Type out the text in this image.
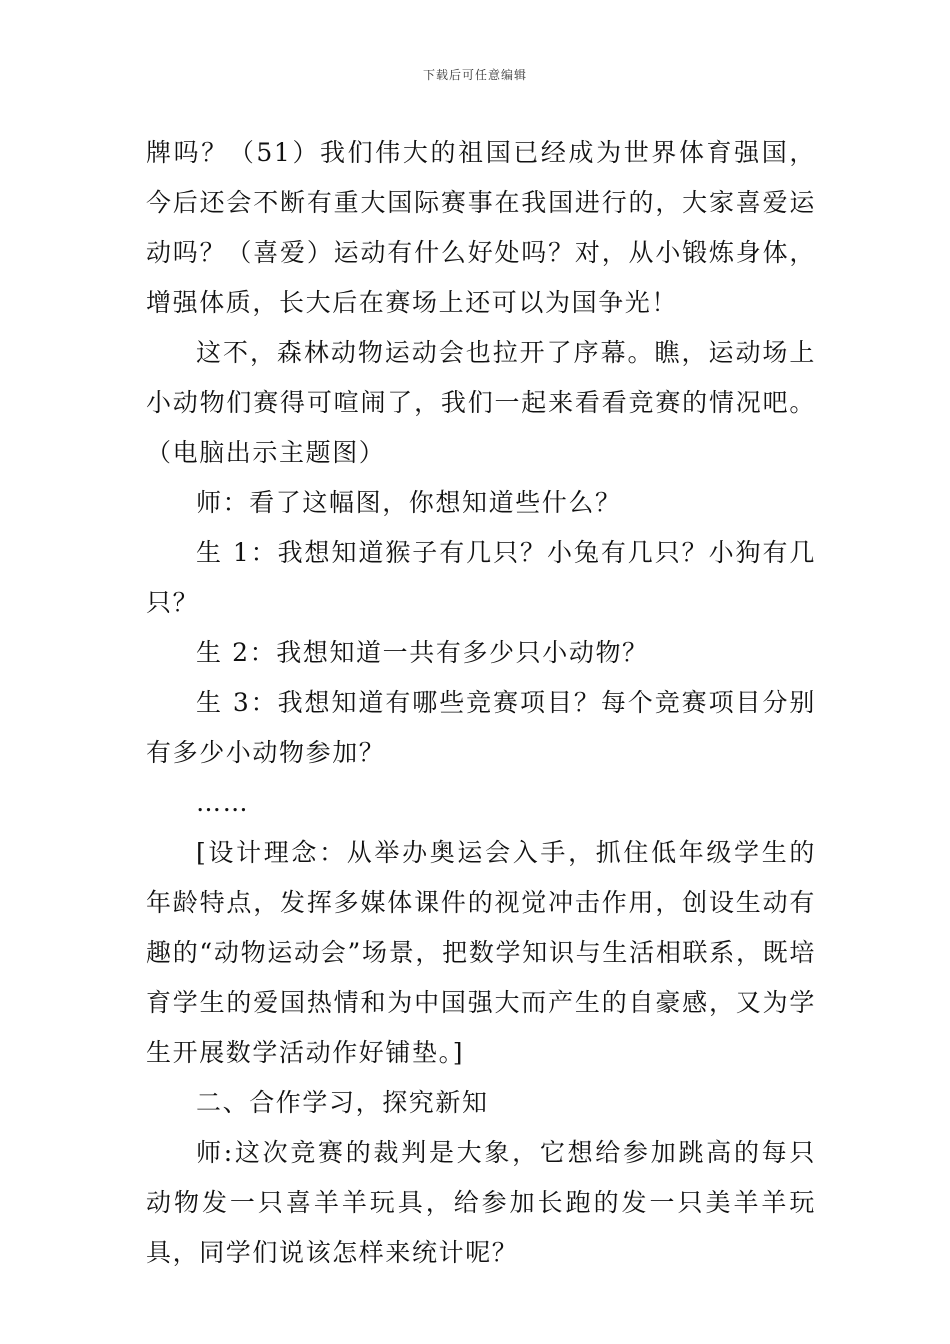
下载后可任意编辑

牌吗？（51）我们伟大的祖国已经成为世界体育强国，今后还会不断有重大国际赛事在我国进行的，大家喜爱运动吗？（喜爱）运动有什么好处吗？对，从小锻炼身体，增强体质，长大后在赛场上还可以为国争光！

这不，森林动物运动会也拉开了序幕。瞧，运动场上小动物们赛得可喧闹了，我们一起来看看竞赛的情况吧。（电脑出示主题图）

师：看了这幅图，你想知道些什么？

生 1：我想知道猴子有几只？小兔有几只？小狗有几只？

生 2：我想知道一共有多少只小动物？

生 3：我想知道有哪些竞赛项目？每个竞赛项目分别有多少小动物参加？

……

[设计理念：从举办奥运会入手，抓住低年级学生的年龄特点，发挥多媒体课件的视觉冲击作用，创设生动有趣的“动物运动会”场景，把数学知识与生活相联系，既培育学生的爱国热情和为中国强大而产生的自豪感，又为学生开展数学活动作好铺垫。]

二、合作学习，探究新知

师:这次竞赛的裁判是大象，它想给参加跳高的每只动物发一只喜羊羊玩具，给参加长跑的发一只美羊羊玩具，同学们说该怎样来统计呢？
